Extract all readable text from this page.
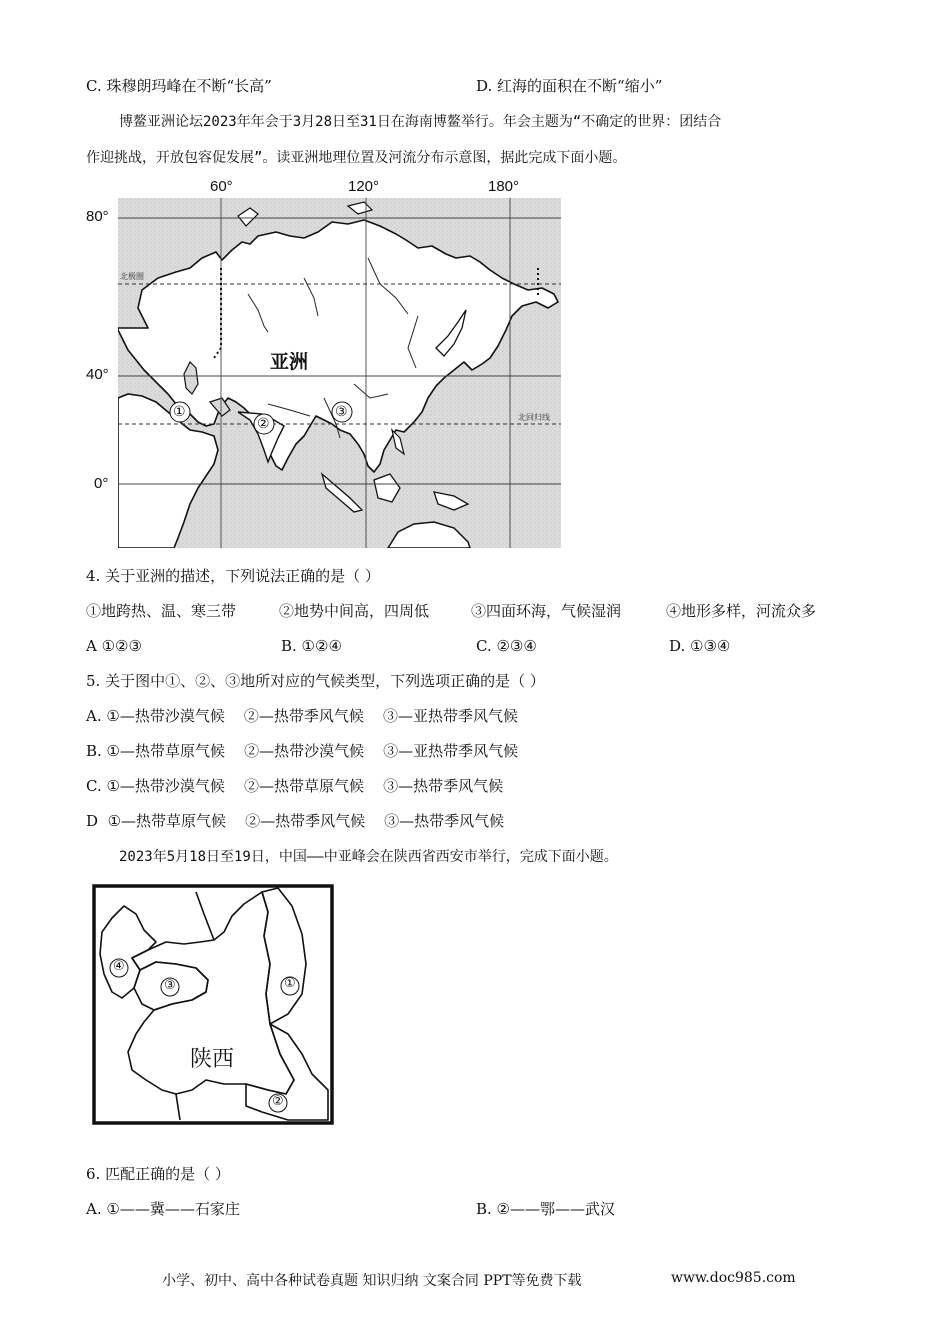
C. 珠穆朗玛峰在不断“长高”	D. 红海的面积在不断“缩小”
博鳌亚洲论坛2023年年会于3月28日至31日在海南博鳌举行。年会主题为“不确定的世界：团结合
作迎挑战，开放包容促发展”。读亚洲地理位置及河流分布示意图，据此完成下面小题。
60°	120°	180°
80°
40°
0°
北极圈
北回归线
亚洲
①
②
③
4. 关于亚洲的描述，下列说法正确的是（ ）
①地跨热、温、寒三带	②地势中间高，四周低	③四面环海，气候湿润	④地形多样，河流众多
A ①②③	B. ①②④	C. ②③④	D. ①③④
5. 关于图中①、②、③地所对应的气候类型，下列选项正确的是（ ）
A. ①—热带沙漠气候    ②—热带季风气候    ③—亚热带季风气候
B. ①—热带草原气候    ②—热带沙漠气候    ③—亚热带季风气候
C. ①—热带沙漠气候    ②—热带草原气候    ③—热带季风气候
D  ①—热带草原气候    ②—热带季风气候    ③—热带季风气候
2023年5月18日至19日，中国——中亚峰会在陕西省西安市举行，完成下面小题。
①
②
③
④
陕西
6. 匹配正确的是（ ）
A. ①——冀——石家庄	B. ②——鄂——武汉
小学、初中、高中各种试卷真题 知识归纳 文案合同 PPT等免费下载	www.doc985.com
